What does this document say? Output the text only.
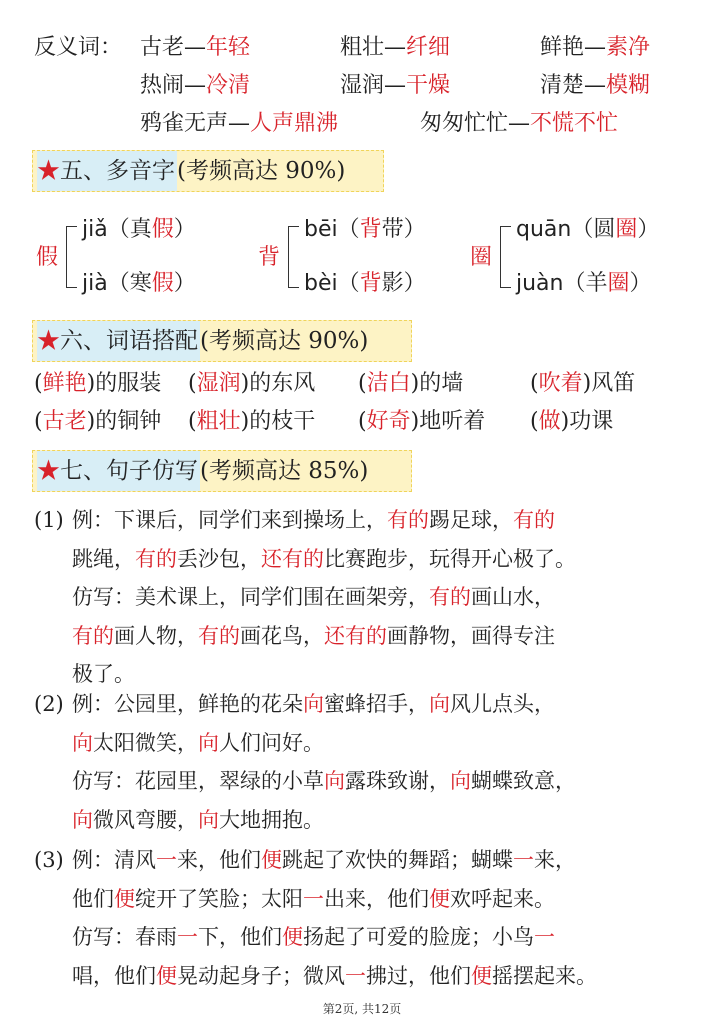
反义词： 古老—年轻	粗壮—纤细	鲜艳—素净
热闹—冷清	湿润—干燥	清楚—模糊
鸦雀无声—人声鼎沸	匆匆忙忙—不慌不忙
★五、多音字(考频高达 90%)
假
jiǎ（真假）
jià（寒假）
背
bēi（背带）
bèi（背影）
圈
quān（圆圈）
juàn（羊圈）
★六、词语搭配(考频高达 90%)
(鲜艳)的服装 (湿润)的东风 (洁白)的墙	(吹着)风笛
(古老)的铜钟 (粗壮)的枝干 (好奇)地听着 (做)功课
★七、句子仿写(考频高达 85%)
(1) 例：下课后，同学们来到操场上，有的踢足球，有的
跳绳，有的丢沙包，还有的比赛跑步，玩得开心极了。
仿写：美术课上，同学们围在画架旁，有的画山水，
有的画人物，有的画花鸟，还有的画静物，画得专注
极了。
(2) 例：公园里，鲜艳的花朵向蜜蜂招手，向风儿点头，
向太阳微笑，向人们问好。
仿写：花园里，翠绿的小草向露珠致谢，向蝴蝶致意，
向微风弯腰，向大地拥抱。
(3) 例：清风一来，他们便跳起了欢快的舞蹈；蝴蝶一来，
他们便绽开了笑脸；太阳一出来，他们便欢呼起来。
仿写：春雨一下，他们便扬起了可爱的脸庞；小鸟一
唱，他们便晃动起身子；微风一拂过，他们便摇摆起来。
第2页, 共12页
